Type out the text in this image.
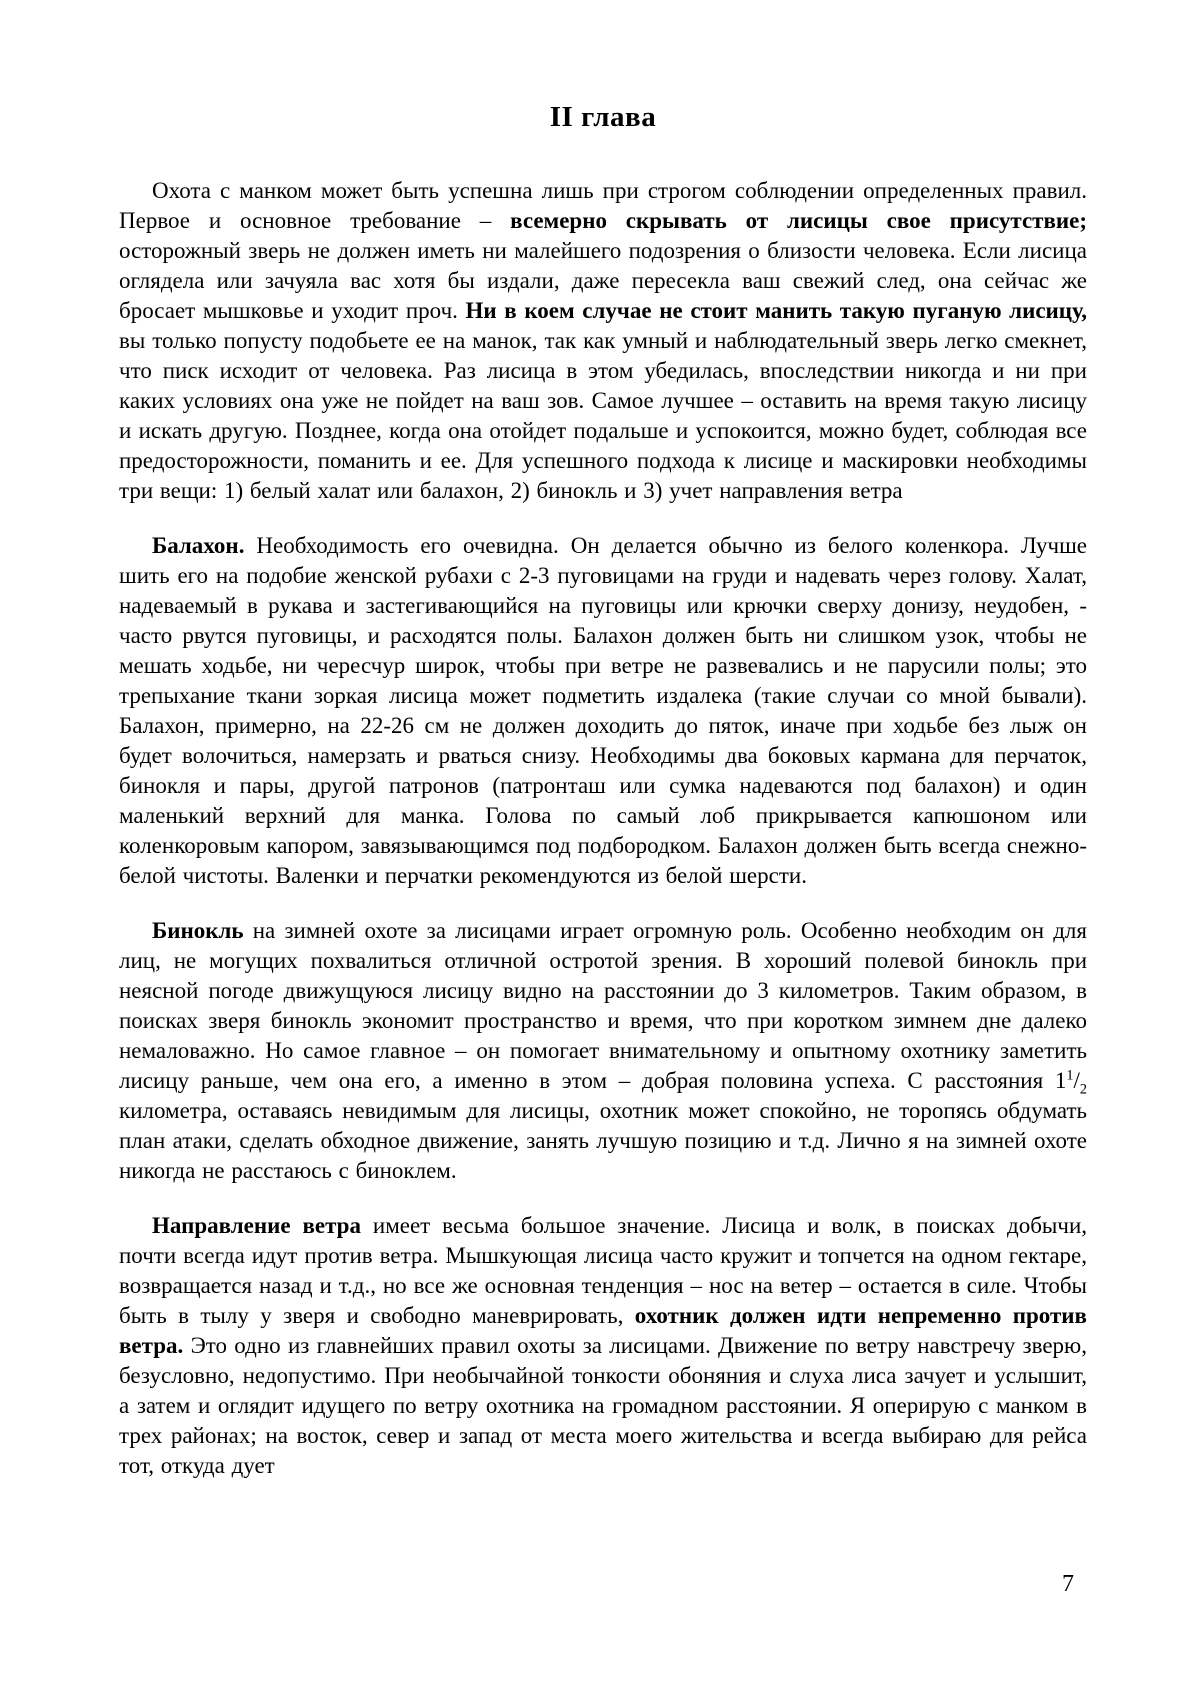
II глава

Охота с манком может быть успешна лишь при строгом соблюдении определенных правил. Первое и основное требование – всемерно скрывать от лисицы свое присутствие; осторожный зверь не должен иметь ни малейшего подозрения о близости человека. Если лисица оглядела или зачуяла вас хотя бы издали, даже пересекла ваш свежий след, она сейчас же бросает мышковье и уходит проч. Ни в коем случае не стоит манить такую пуганую лисицу, вы только попусту подобьете ее на манок, так как умный и наблюдательный зверь легко смекнет, что писк исходит от человека. Раз лисица в этом убедилась, впоследствии никогда и ни при каких условиях она уже не пойдет на ваш зов. Самое лучшее – оставить на время такую лисицу и искать другую. Позднее, когда она отойдет подальше и успокоится, можно будет, соблюдая все предосторожности, поманить и ее. Для успешного подхода к лисице и маскировки необходимы три вещи: 1) белый халат или балахон, 2) бинокль и 3) учет направления ветра

Балахон. Необходимость его очевидна. Он делается обычно из белого коленкора. Лучше шить его на подобие женской рубахи с 2-3 пуговицами на груди и надевать через голову. Халат, надеваемый в рукава и застегивающийся на пуговицы или крючки сверху донизу, неудобен, - часто рвутся пуговицы, и расходятся полы. Балахон должен быть ни слишком узок, чтобы не мешать ходьбе, ни чересчур широк, чтобы при ветре не развевались и не парусили полы; это трепыхание ткани зоркая лисица может подметить издалека (такие случаи со мной бывали). Балахон, примерно, на 22-26 см не должен доходить до пяток, иначе при ходьбе без лыж он будет волочиться, намерзать и рваться снизу. Необходимы два боковых кармана для перчаток, бинокля и пары, другой патронов (патронташ или сумка надеваются под балахон) и один маленький верхний для манка. Голова по самый лоб прикрывается капюшоном или коленкоровым капором, завязывающимся под подбородком. Балахон должен быть всегда снежно-белой чистоты. Валенки и перчатки рекомендуются из белой шерсти.

Бинокль на зимней охоте за лисицами играет огромную роль. Особенно необходим он для лиц, не могущих похвалиться отличной остротой зрения. В хороший полевой бинокль при неясной погоде движущуюся лисицу видно на расстоянии до 3 километров. Таким образом, в поисках зверя бинокль экономит пространство и время, что при коротком зимнем дне далеко немаловажно. Но самое главное – он помогает внимательному и опытному охотнику заметить лисицу раньше, чем она его, а именно в этом – добрая половина успеха. С расстояния $1^1/_2$ километра, оставаясь невидимым для лисицы, охотник может спокойно, не торопясь обдумать план атаки, сделать обходное движение, занять лучшую позицию и т.д. Лично я на зимней охоте никогда не расстаюсь с биноклем.

Направление ветра имеет весьма большое значение. Лисица и волк, в поисках добычи, почти всегда идут против ветра. Мышкующая лисица часто кружит и топчется на одном гектаре, возвращается назад и т.д., но все же основная тенденция – нос на ветер – остается в силе. Чтобы быть в тылу у зверя и свободно маневрировать, охотник должен идти непременно против ветра. Это одно из главнейших правил охоты за лисицами. Движение по ветру навстречу зверю, безусловно, недопустимо. При необычайной тонкости обоняния и слуха лиса зачует и услышит, а затем и оглядит идущего по ветру охотника на громадном расстоянии. Я оперирую с манком в трех районах; на восток, север и запад от места моего жительства и всегда выбираю для рейса тот, откуда дует

7
